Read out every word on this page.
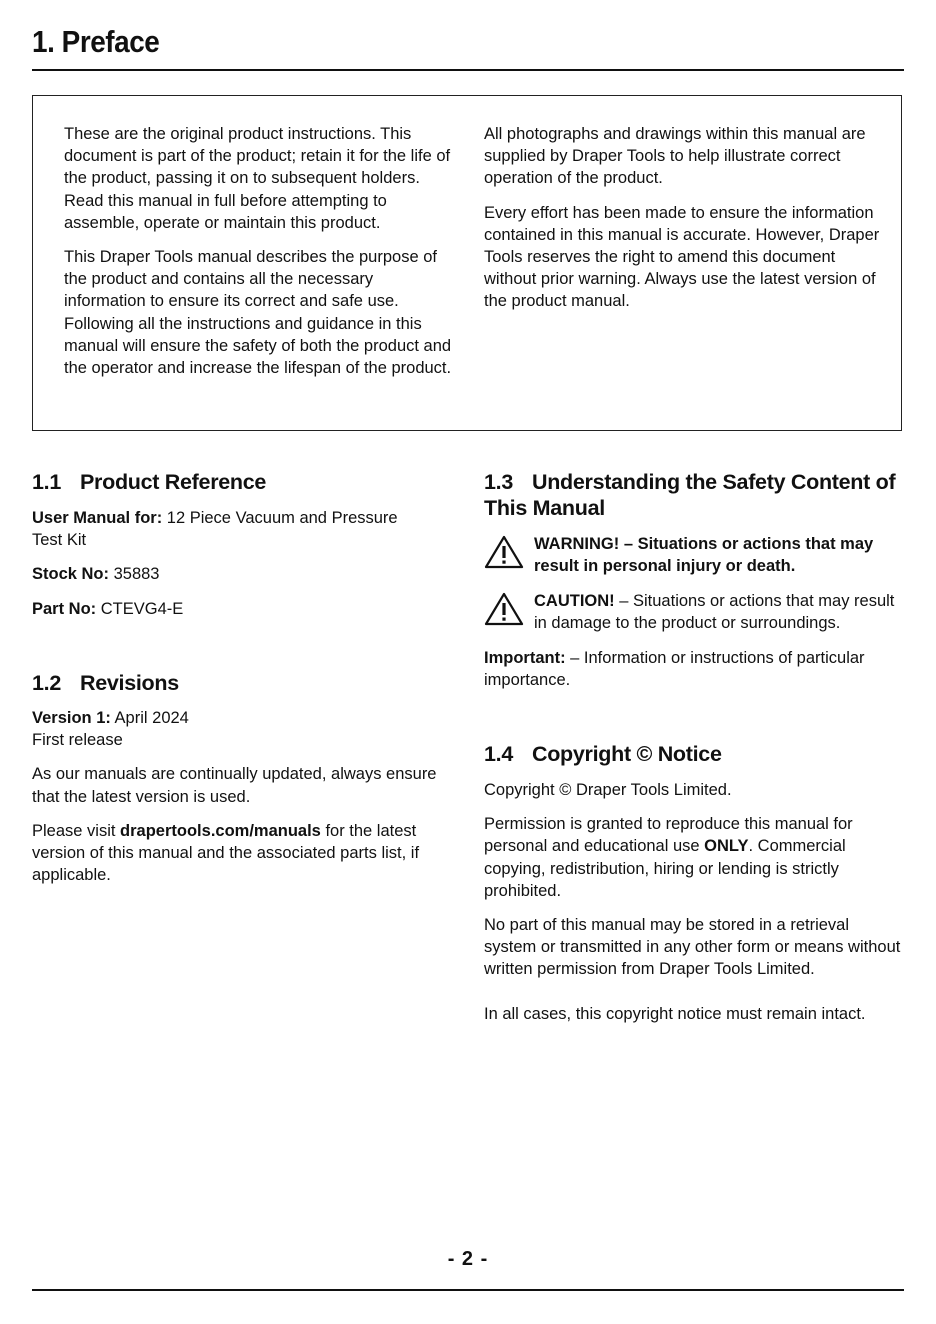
1. Preface

These are the original product instructions. This document is part of the product; retain it for the life of the product, passing it on to subsequent holders. Read this manual in full before attempting to assemble, operate or maintain this product.

This Draper Tools manual describes the purpose of the product and contains all the necessary information to ensure its correct and safe use. Following all the instructions and guidance in this manual will ensure the safety of both the product and the operator and increase the lifespan of the product.

All photographs and drawings within this manual are supplied by Draper Tools to help illustrate correct operation of the product.

Every effort has been made to ensure the information contained in this manual is accurate. However, Draper Tools reserves the right to amend this document without prior warning. Always use the latest version of the product manual.

1.1 Product Reference

User Manual for: 12 Piece Vacuum and Pressure Test Kit

Stock No: 35883

Part No: CTEVG4-E

1.2 Revisions

Version 1: April 2024
First release

As our manuals are continually updated, always ensure that the latest version is used.

Please visit drapertools.com/manuals for the latest version of this manual and the associated parts list, if applicable.

1.3 Understanding the Safety Content of This Manual
WARNING! – Situations or actions that may result in personal injury or death.
CAUTION! – Situations or actions that may result in damage to the product or surroundings.

Important: – Information or instructions of particular importance.

1.4 Copyright © Notice

Copyright © Draper Tools Limited.

Permission is granted to reproduce this manual for personal and educational use ONLY. Commercial copying, redistribution, hiring or lending is strictly prohibited.

No part of this manual may be stored in a retrieval system or transmitted in any other form or means without written permission from Draper Tools Limited.

In all cases, this copyright notice must remain intact.

- 2 -
